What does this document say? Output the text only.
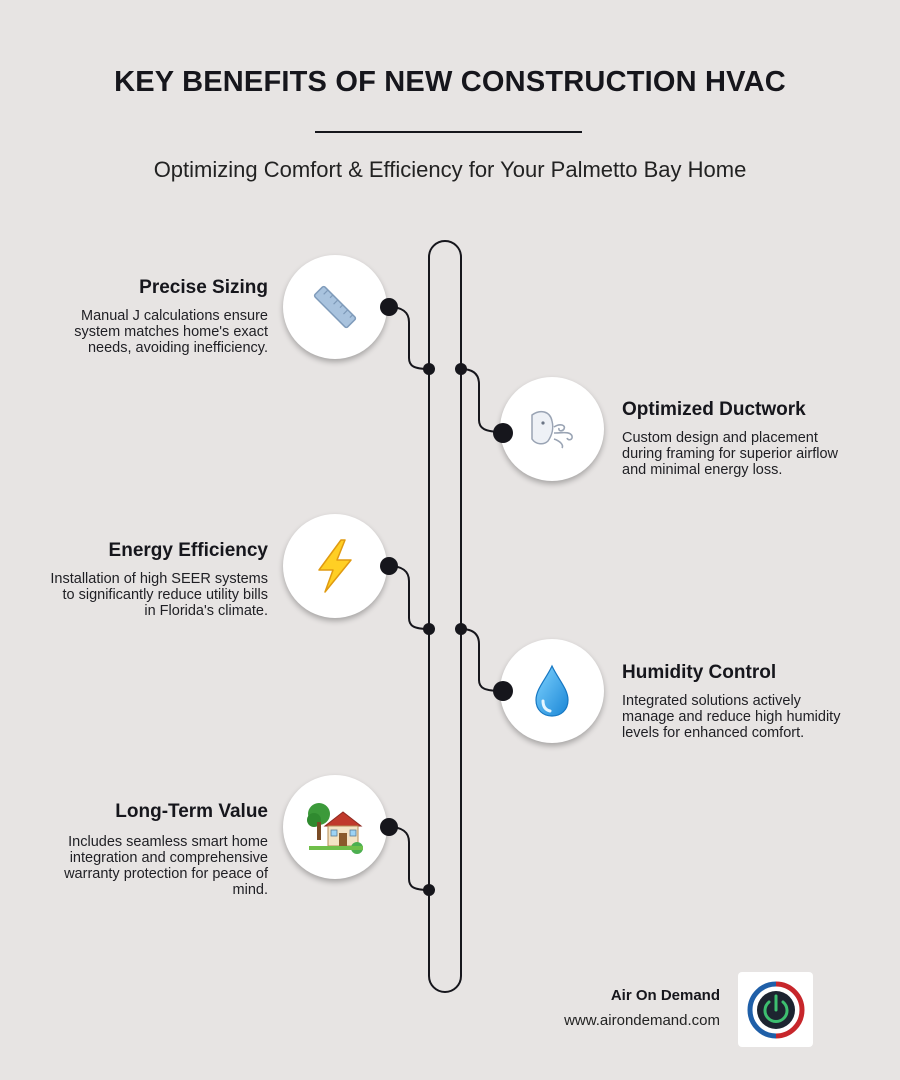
KEY BENEFITS OF NEW CONSTRUCTION HVAC
Optimizing Comfort & Efficiency for Your Palmetto Bay Home
Precise Sizing

Manual J calculations ensure system matches home's exact needs, avoiding inefficiency.

Optimized Ductwork

Custom design and placement during framing for superior airflow and minimal energy loss.

Energy Efficiency

Installation of high SEER systems to significantly reduce utility bills in Florida's climate.

Humidity Control

Integrated solutions actively manage and reduce high humidity levels for enhanced comfort.

Long-Term Value

Includes seamless smart home integration and comprehensive warranty protection for peace of mind.

Air On Demand
www.airondemand.com
